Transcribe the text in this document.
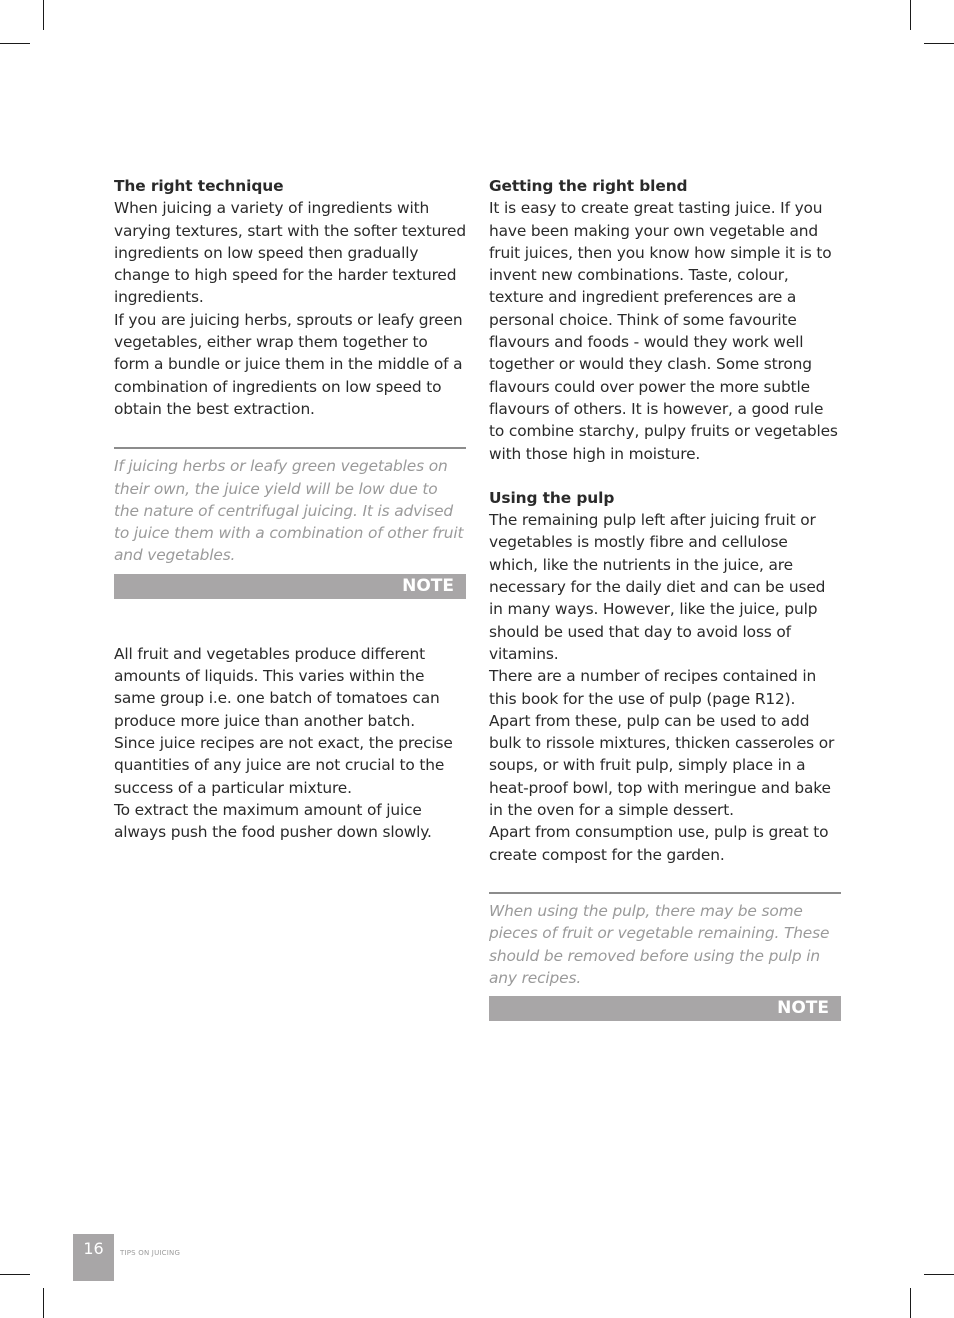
The right technique

When juicing a variety of ingredients with varying textures, start with the softer textured ingredients on low speed then gradually change to high speed for the harder textured ingredients.

If you are juicing herbs, sprouts or leafy green vegetables, either wrap them together to form a bundle or juice them in the middle of a combination of ingredients on low speed to obtain the best extraction.

If juicing herbs or leafy green vegetables on their own, the juice yield will be low due to the nature of centrifugal juicing. It is advised to juice them with a combination of other fruit and vegetables.

NOTE

All fruit and vegetables produce different amounts of liquids. This varies within the same group i.e. one batch of tomatoes can produce more juice than another batch.

Since juice recipes are not exact, the precise quantities of any juice are not crucial to the success of a particular mixture.

To extract the maximum amount of juice always push the food pusher down slowly.

Getting the right blend

It is easy to create great tasting juice. If you have been making your own vegetable and fruit juices, then you know how simple it is to invent new combinations. Taste, colour, texture and ingredient preferences are a personal choice. Think of some favourite flavours and foods - would they work well together or would they clash. Some strong flavours could over power the more subtle flavours of others. It is however, a good rule to combine starchy, pulpy fruits or vegetables with those high in moisture.

Using the pulp

The remaining pulp left after juicing fruit or vegetables is mostly fibre and cellulose which, like the nutrients in the juice, are necessary for the daily diet and can be used in many ways. However, like the juice, pulp should be used that day to avoid loss of vitamins.

There are a number of recipes contained in this book for the use of pulp (page R12). Apart from these, pulp can be used to add bulk to rissole mixtures, thicken casseroles or soups, or with fruit pulp, simply place in a heat-proof bowl, top with meringue and bake in the oven for a simple dessert.

Apart from consumption use, pulp is great to create compost for the garden.

When using the pulp, there may be some pieces of fruit or vegetable remaining. These should be removed before using the pulp in any recipes.

NOTE
16	TIPS ON JUICING
